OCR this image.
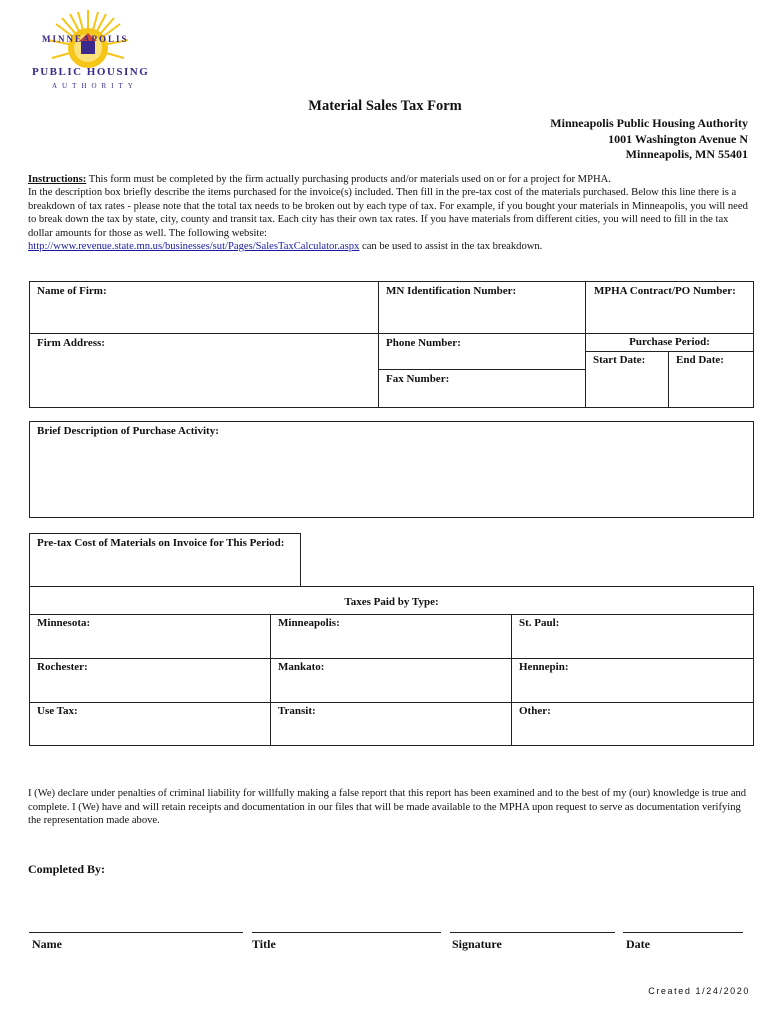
MINNEAPOLIS
PUBLIC HOUSING
AUTHORITY
Material Sales Tax Form
Minneapolis Public Housing Authority
1001 Washington Avenue N
Minneapolis, MN 55401
Instructions: This form must be completed by the firm actually purchasing products and/or materials used on or for a project for MPHA.
In the description box briefly describe the items purchased for the invoice(s) included. Then fill in the pre-tax cost of the materials purchased. Below this line there is a breakdown of tax rates - please note that the total tax needs to be broken out by each type of tax. For example, if you bought your materials in Minneapolis, you will need to break down the tax by state, city, county and transit tax. Each city has their own tax rates. If you have materials from different cities, you will need to fill in the tax dollar amounts for those as well. The following website:
http://www.revenue.state.mn.us/businesses/sut/Pages/SalesTaxCalculator.aspx can be used to assist in the tax breakdown.
Name of Firm:	MN Identification Number:	MPHA Contract/PO Number:
Firm Address:	Phone Number:
Fax Number:
Purchase Period:
Start Date:	End Date:
Brief Description of Purchase Activity:
Pre-tax Cost of Materials on Invoice for This Period:
Taxes Paid by Type:
Minnesota:	Minneapolis:	St. Paul:
Rochester:	Mankato:	Hennepin:
Use Tax:	Transit:	Other:
I (We) declare under penalties of criminal liability for willfully making a false report that this report has been examined and to the best of my (our) knowledge is true and complete. I (We) have and will retain receipts and documentation in our files that will be made available to the MPHA upon request to serve as documentation verifying the representation made above.
Completed By:
Name	Title	Signature	Date
Created 1/24/2020
